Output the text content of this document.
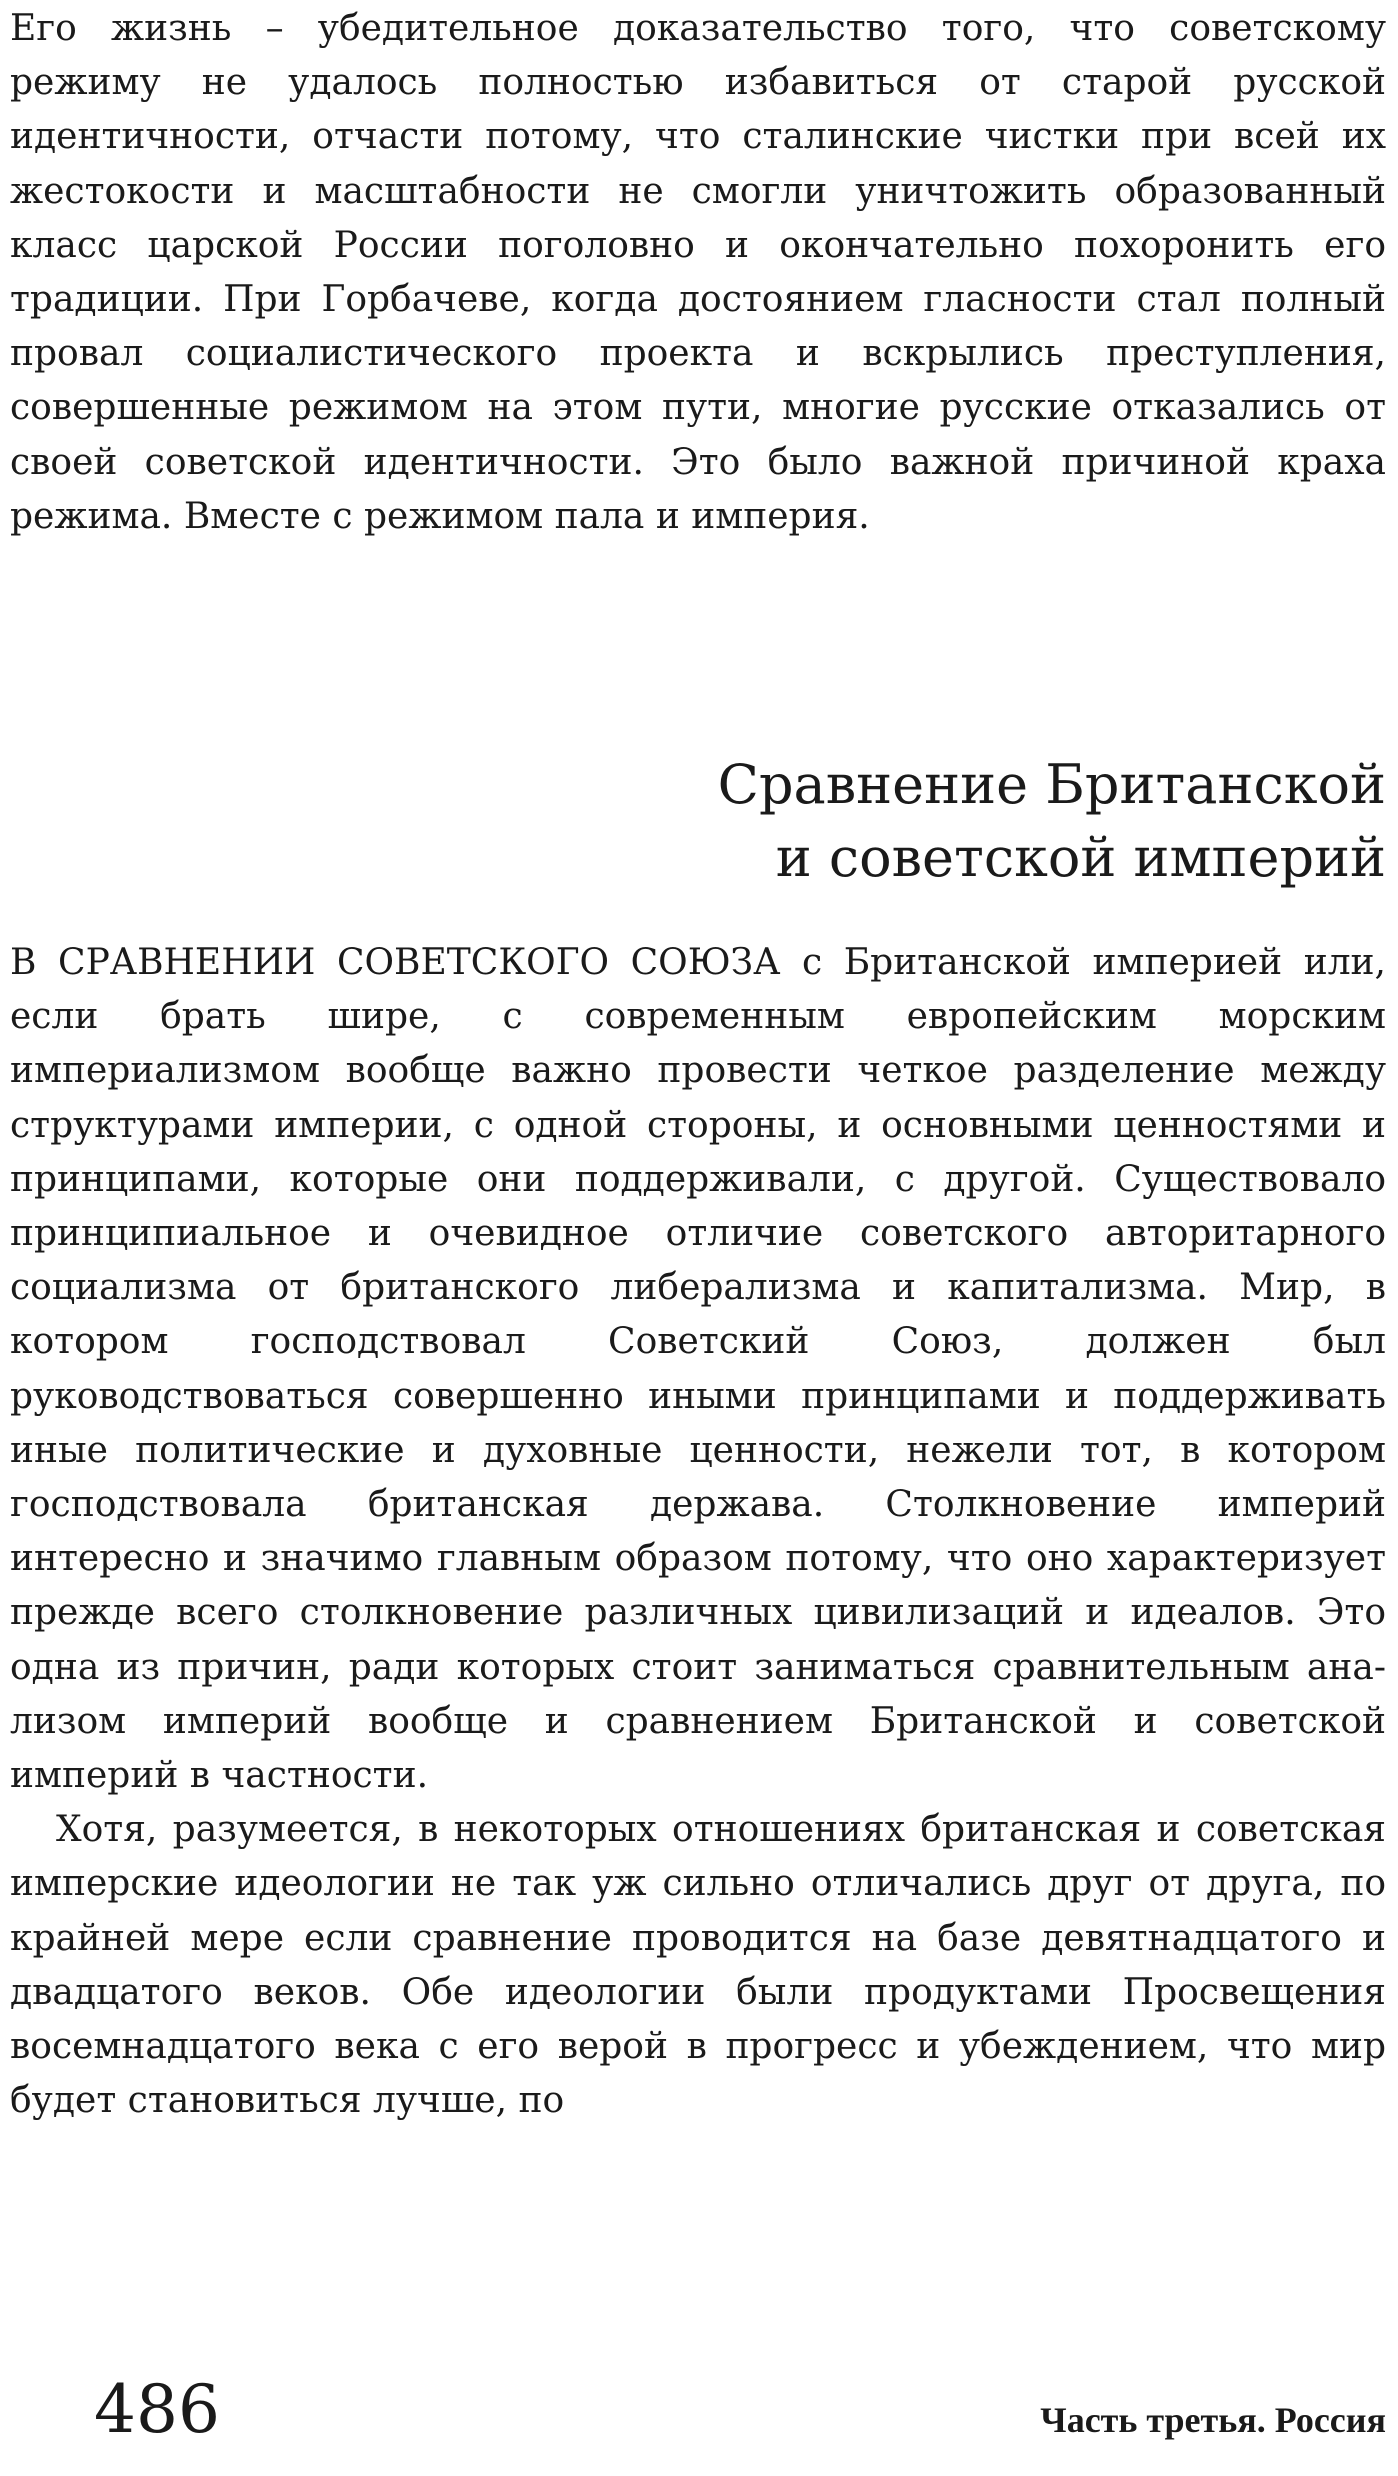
Его жизнь – убедительное доказательство того, что советскому режиму не удалось полностью избавиться от старой русской идентичности, отчасти потому, что сталинские чистки при всей их жестокости и масштабности не смогли уничтожить образованный класс царской России поголовно и окончательно похоронить его традиции. При Горбачеве, когда достоянием гласности стал полный провал социалистического проекта и вскрылись преступления, совершенные режимом на этом пути, многие русские отказались от своей советской идентичности. Это было важной причиной краха режима. Вместе с режимом пала и империя.

Сравнение Британской
и советской империй

В СРАВНЕНИИ СОВЕТСКОГО СОЮЗА с Британской империей или, если брать шире, с современным европейским морским империализмом вообще важно провести четкое разделение между структурами империи, с одной стороны, и основными ценностями и принципами, которые они поддерживали, с другой. Существовало принципиальное и очевидное отличие советского авторитарного социализма от британского либерализма и капитализма. Мир, в котором господствовал Советский Союз, должен был руководствоваться совершенно иными принципами и поддерживать иные политические и духовные ценности, нежели тот, в котором господствовала британская держава. Столкновение империй интересно и значимо главным образом потому, что оно характеризует прежде всего столкновение различных цивилизаций и идеалов. Это одна из причин, ради которых стоит заниматься сравнительным анализом империй вообще и сравнением Британской и советской империй в частности.

Хотя, разумеется, в некоторых отношениях британская и советская имперские идеологии не так уж сильно отличались друг от друга, по крайней мере если сравнение проводится на базе девятнадцатого и двадцатого веков. Обе идеологии были продуктами Просвещения восемнадцатого века с его верой в прогресс и убеждением, что мир будет становиться лучше, по

486	Часть третья. Россия
